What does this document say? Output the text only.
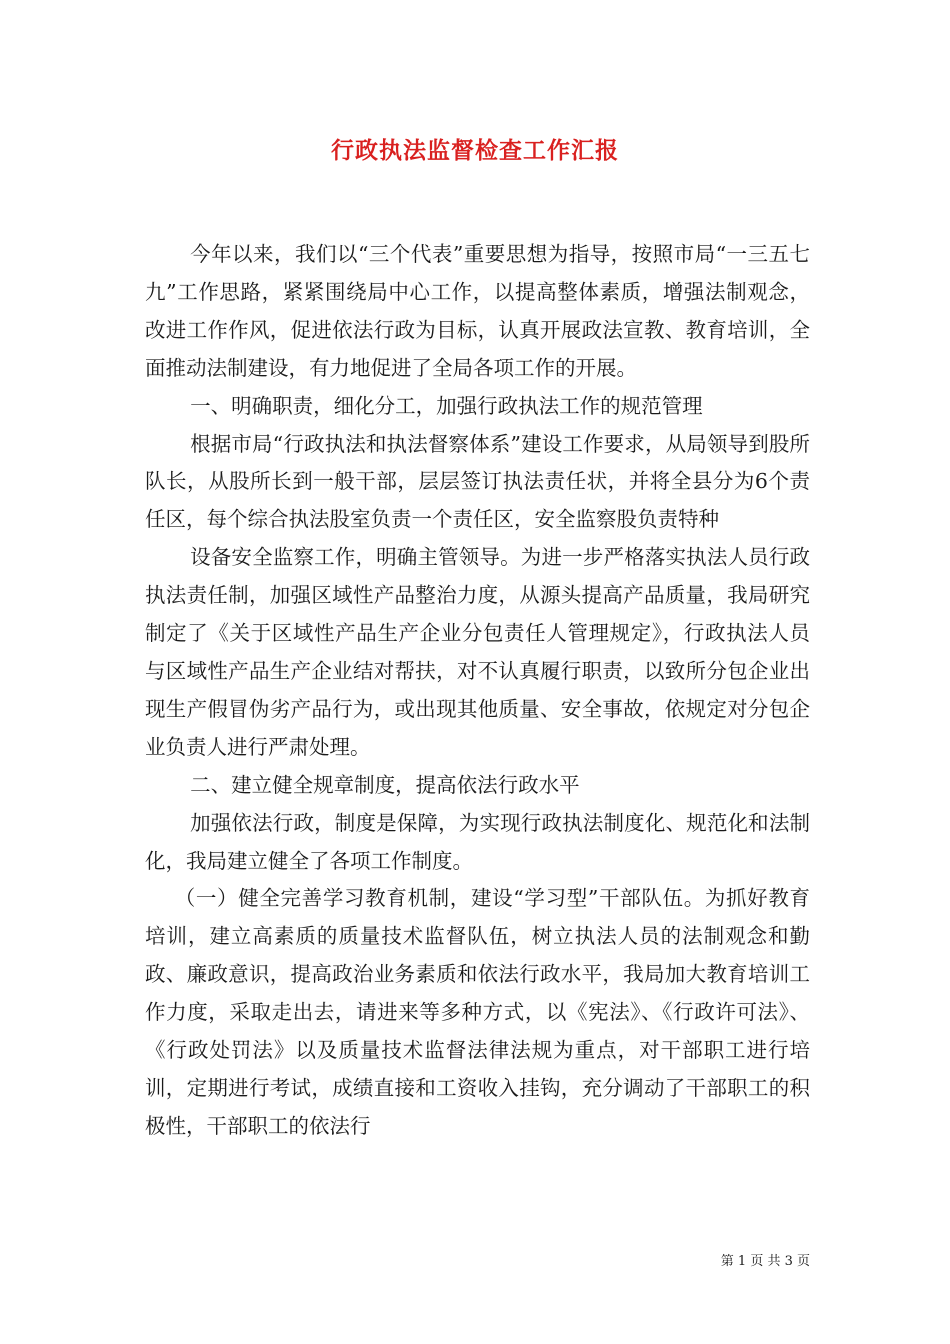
行政执法监督检查工作汇报

今年以来，我们以“三个代表”重要思想为指导，按照市局“一三五七九”工作思路，紧紧围绕局中心工作，以提高整体素质，增强法制观念，改进工作作风，促进依法行政为目标，认真开展政法宣教、教育培训，全面推动法制建设，有力地促进了全局各项工作的开展。

一、明确职责，细化分工，加强行政执法工作的规范管理

根据市局“行政执法和执法督察体系”建设工作要求，从局领导到股所队长，从股所长到一般干部，层层签订执法责任状，并将全县分为6个责任区，每个综合执法股室负责一个责任区，安全监察股负责特种

设备安全监察工作，明确主管领导。为进一步严格落实执法人员行政执法责任制，加强区域性产品整治力度，从源头提高产品质量，我局研究制定了《关于区域性产品生产企业分包责任人管理规定》，行政执法人员与区域性产品生产企业结对帮扶，对不认真履行职责，以致所分包企业出现生产假冒伪劣产品行为，或出现其他质量、安全事故，依规定对分包企业负责人进行严肃处理。

二、建立健全规章制度，提高依法行政水平

加强依法行政，制度是保障，为实现行政执法制度化、规范化和法制化，我局建立健全了各项工作制度。

（一）健全完善学习教育机制，建设“学习型”干部队伍。为抓好教育培训，建立高素质的质量技术监督队伍，树立执法人员的法制观念和勤政、廉政意识，提高政治业务素质和依法行政水平，我局加大教育培训工作力度，采取走出去，请进来等多种方式，以《宪法》、《行政许可法》、《行政处罚法》以及质量技术监督法律法规为重点，对干部职工进行培训，定期进行考试，成绩直接和工资收入挂钩，充分调动了干部职工的积极性，干部职工的依法行

第 1 页 共 3 页
